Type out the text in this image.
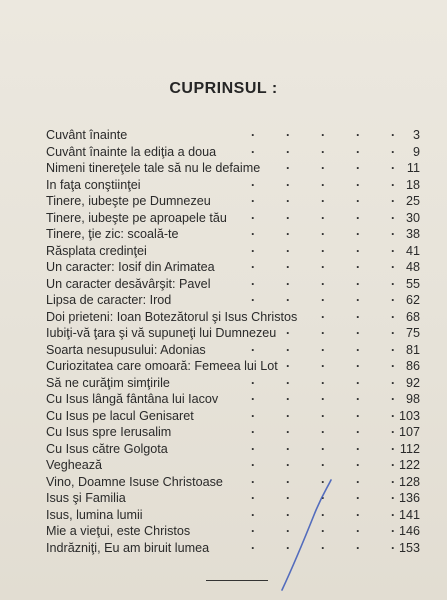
CUPRINSUL :
Cuvânt înainte	3
.	.	.	.	.
Cuvânt înainte la ediţia a doua	9
.	.	.	.	.
Nimeni tinereţele tale să nu le defaime	11
.	.	.	.
In faţa conştiinţei	18
.	.	.	.	.
Tinere, iubeşte pe Dumnezeu	25
.	.	.	.	.
Tinere, iubeşte pe aproapele tău	30
.	.	.	.	.
Tinere, ţie zic: scoală-te	38
.	.	.	.	.
Răsplata credinţei	41
.	.	.	.	.
Un caracter: Iosif din Arimatea	48
.	.	.	.	.
Un caracter desăvârşit: Pavel	55
.	.	.	.	.
Lipsa de caracter: Irod	62
.	.	.	.	.
Doi prieteni: Ioan Botezătorul şi Isus Christos	68
.	.	.
Iubiţi-vă ţara şi vă supuneţi lui Dumnezeu	75
.	.	.	.
Soarta nesupusului: Adonias	81
.	.	.	.	.
Curiozitatea care omoară: Femeea lui Lot	86
.	.	.	.
Să ne curăţim simţirile	92
.	.	.	.	.
Cu Isus lângă fântâna lui Iacov	98
.	.	.	.	.
Cu Isus pe lacul Genisaret	103
.	.	.	.	.
Cu Isus spre Ierusalim	107
.	.	.	.	.
Cu Isus către Golgota	112
.	.	.	.	.
Veghează	122
.	.	.	.	.
Vino, Doamne Isuse Christoase	128
.	.	.	.	.
Isus şi Familia	136
.	.	.	.	.
Isus, lumina lumii	141
.	.	.	.	.
Mie a vieţui, este Christos	146
.	.	.	.	.
Indrăzniţi, Eu am biruit lumea	153
.	.	.	.	.
